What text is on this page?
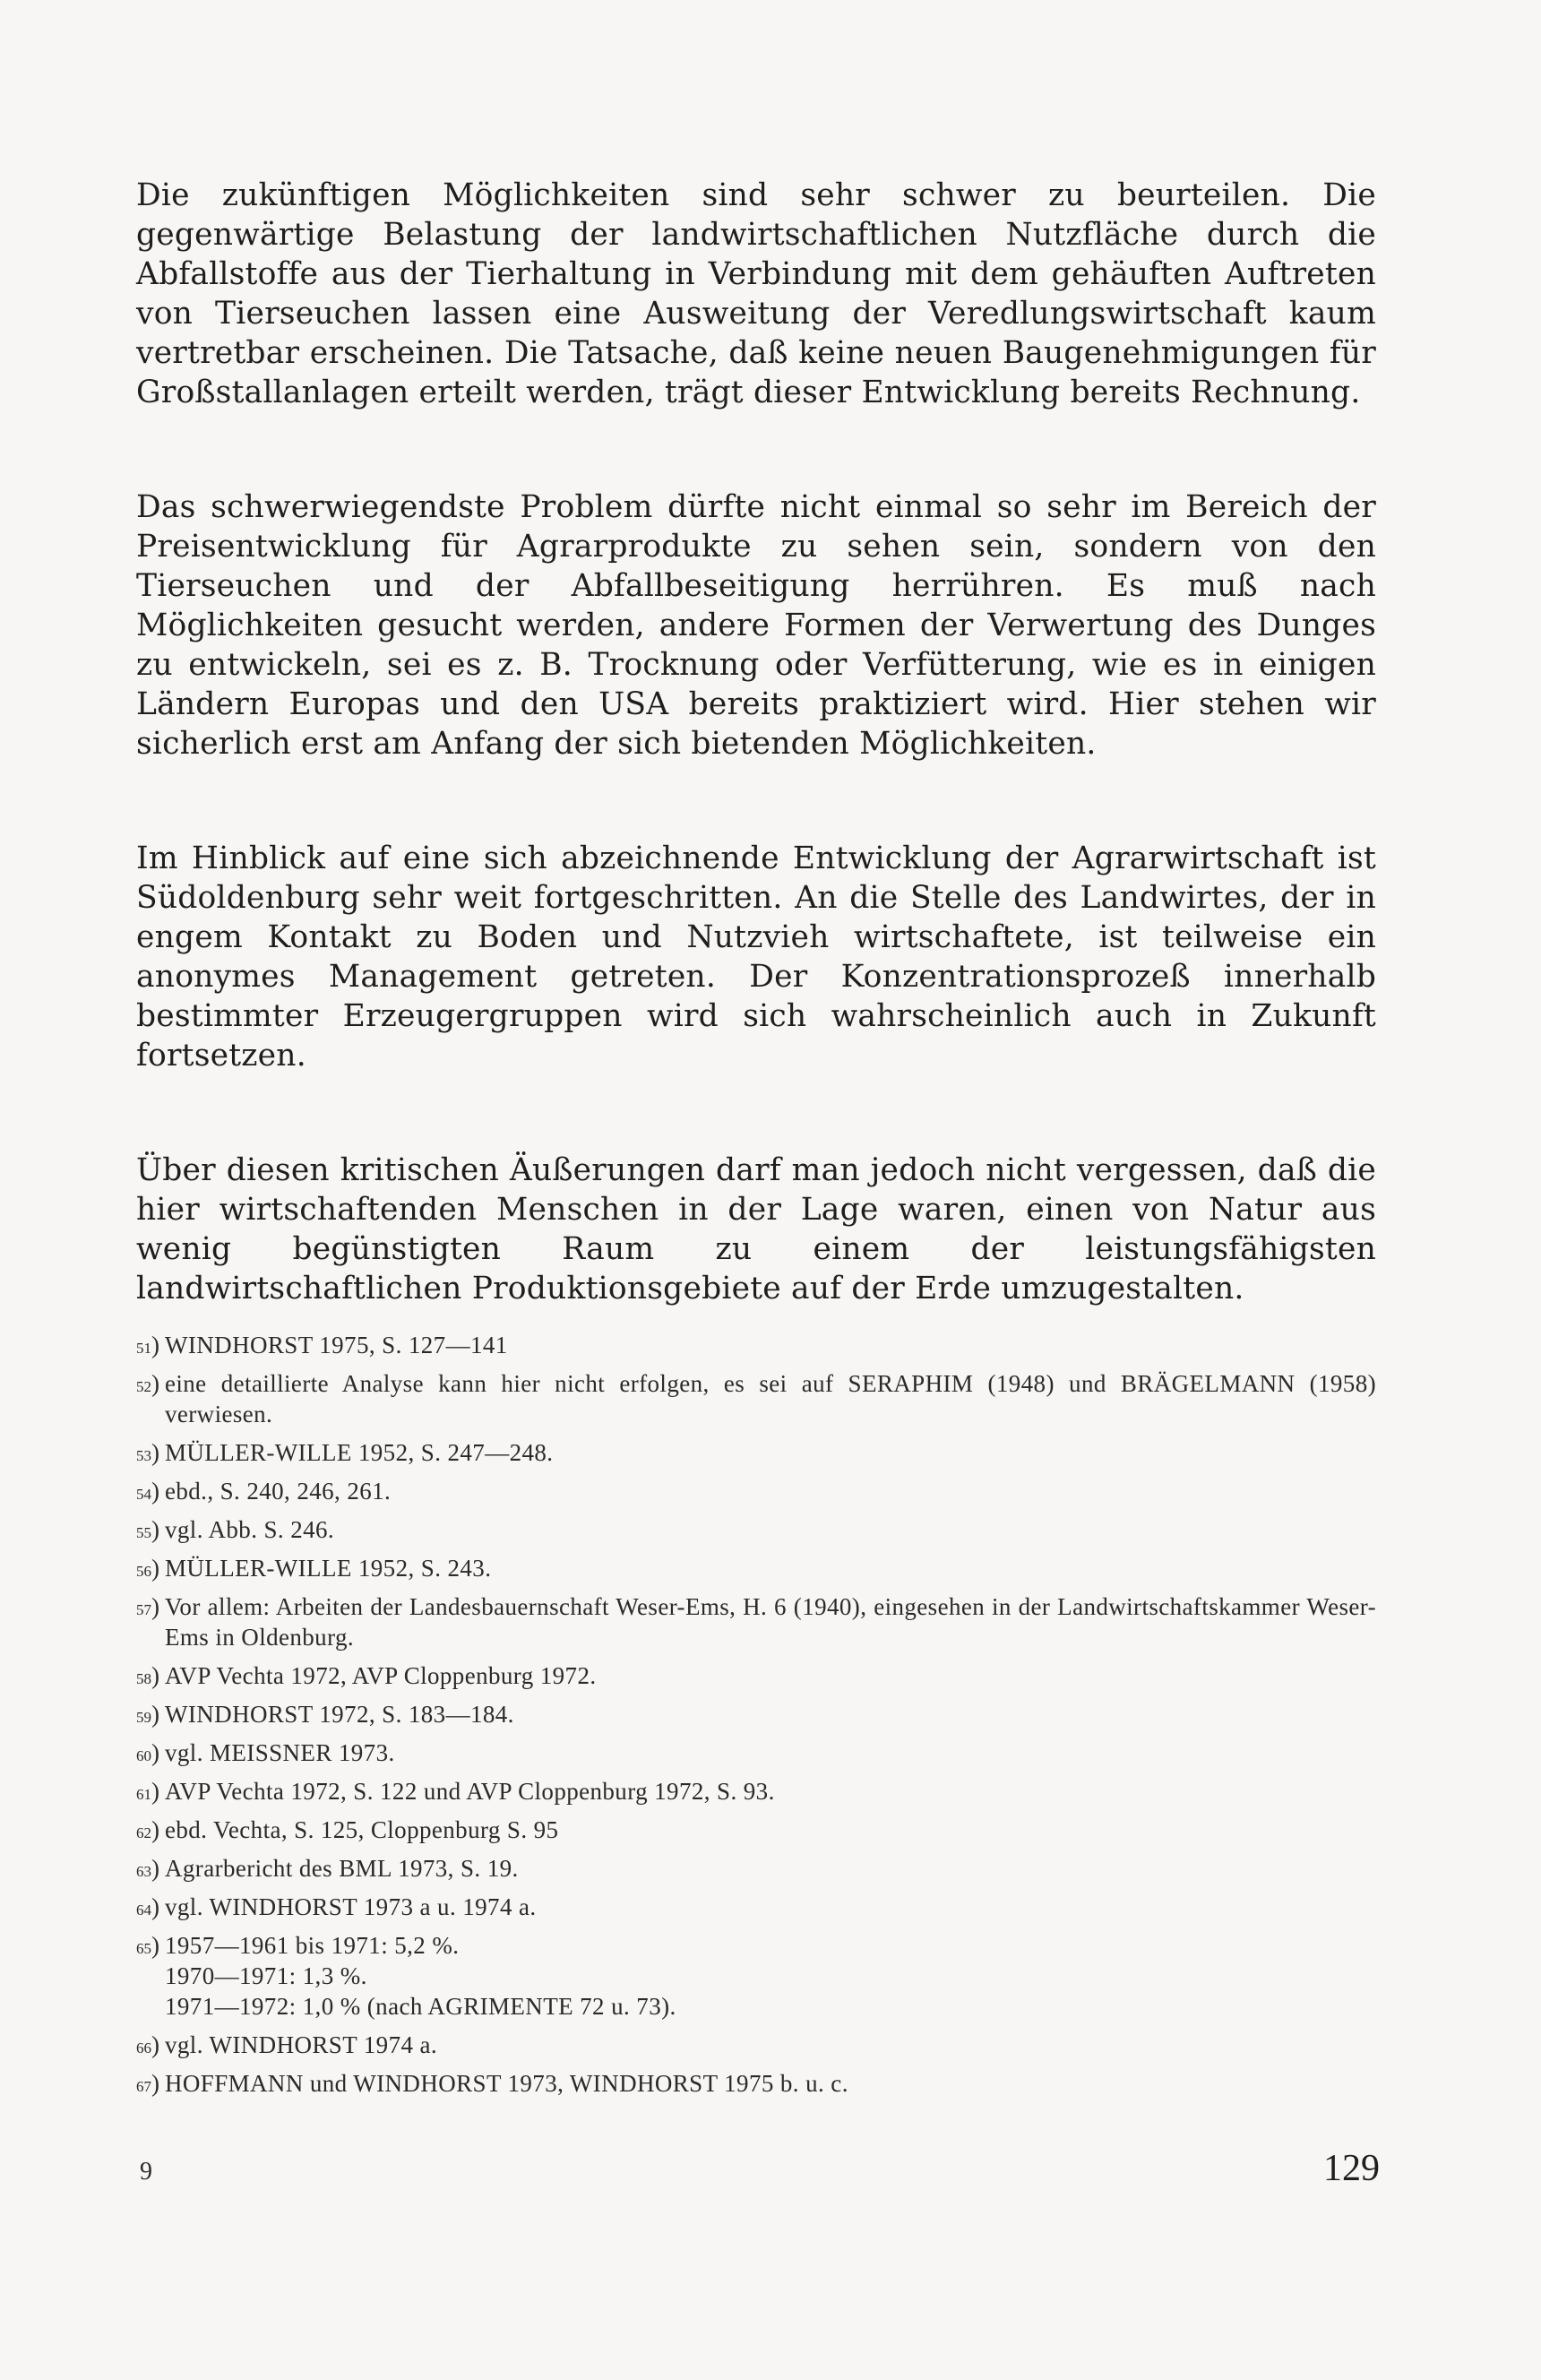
Die zukünftigen Möglichkeiten sind sehr schwer zu beurteilen. Die gegenwärtige Belastung der landwirtschaftlichen Nutzfläche durch die Abfallstoffe aus der Tierhaltung in Verbindung mit dem gehäuften Auftreten von Tierseuchen lassen eine Ausweitung der Veredlungswirtschaft kaum vertretbar erscheinen. Die Tatsache, daß keine neuen Baugenehmigungen für Großstallanlagen erteilt werden, trägt dieser Entwicklung bereits Rechnung.

Das schwerwiegendste Problem dürfte nicht einmal so sehr im Bereich der Preisentwicklung für Agrarprodukte zu sehen sein, sondern von den Tierseuchen und der Abfallbeseitigung herrühren. Es muß nach Möglichkeiten gesucht werden, andere Formen der Verwertung des Dunges zu entwickeln, sei es z. B. Trocknung oder Verfütterung, wie es in einigen Ländern Europas und den USA bereits praktiziert wird. Hier stehen wir sicherlich erst am Anfang der sich bietenden Möglichkeiten.

Im Hinblick auf eine sich abzeichnende Entwicklung der Agrarwirtschaft ist Südoldenburg sehr weit fortgeschritten. An die Stelle des Landwirtes, der in engem Kontakt zu Boden und Nutzvieh wirtschaftete, ist teilweise ein anonymes Management getreten. Der Konzentrationsprozeß innerhalb bestimmter Erzeugergruppen wird sich wahrscheinlich auch in Zukunft fortsetzen.

Über diesen kritischen Äußerungen darf man jedoch nicht vergessen, daß die hier wirtschaftenden Menschen in der Lage waren, einen von Natur aus wenig begünstigten Raum zu einem der leistungsfähigsten landwirtschaftlichen Produktionsgebiete auf der Erde umzugestalten.

51 ) WINDHORST 1975, S. 127—141
52 ) eine detaillierte Analyse kann hier nicht erfolgen, es sei auf SERAPHIM (1948) und BRÄGELMANN (1958) verwiesen.
53 ) MÜLLER-WILLE 1952, S. 247—248.
54 ) ebd., S. 240, 246, 261.
55 ) vgl. Abb. S. 246.
56 ) MÜLLER-WILLE 1952, S. 243.
57 ) Vor allem: Arbeiten der Landesbauernschaft Weser-Ems, H. 6 (1940), eingesehen in der Landwirtschaftskammer Weser-Ems in Oldenburg.
58 ) AVP Vechta 1972, AVP Cloppenburg 1972.
59 ) WINDHORST 1972, S. 183—184.
60 ) vgl. MEISSNER 1973.
61 ) AVP Vechta 1972, S. 122 und AVP Cloppenburg 1972, S. 93.
62 ) ebd. Vechta, S. 125, Cloppenburg S. 95
63 ) Agrarbericht des BML 1973, S. 19.
64 ) vgl. WINDHORST 1973 a u. 1974 a.
65 ) 1957—1961 bis 1971: 5,2 %.
1970—1971: 1,3 %.
1971—1972: 1,0 % (nach AGRIMENTE 72 u. 73).
66 ) vgl. WINDHORST 1974 a.
67 ) HOFFMANN und WINDHORST 1973, WINDHORST 1975 b. u. c.
9	129
